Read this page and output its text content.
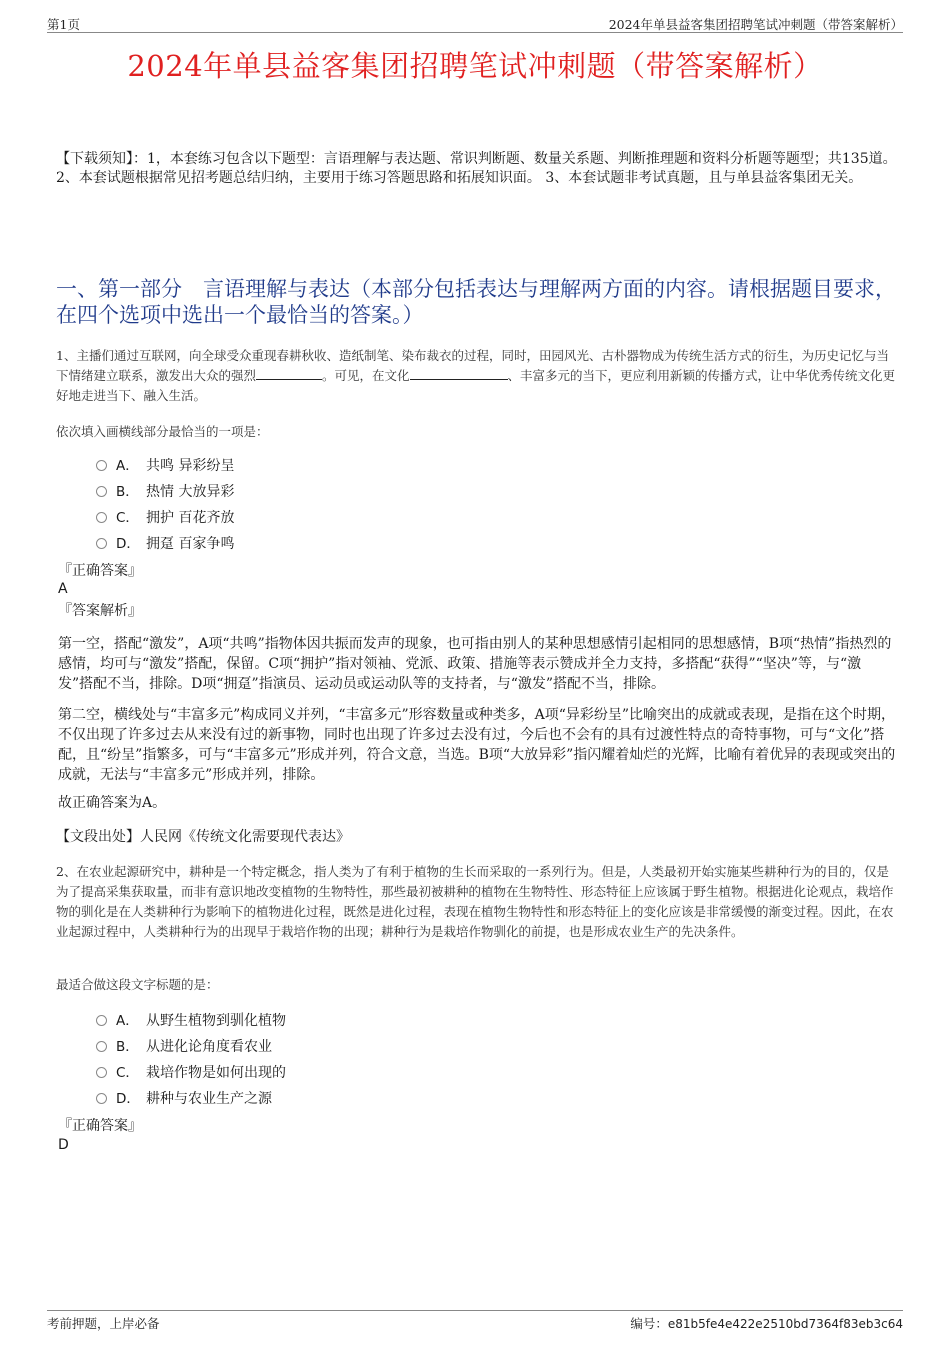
第1页	2024年单县益客集团招聘笔试冲刺题（带答案解析）
2024年单县益客集团招聘笔试冲刺题（带答案解析）
【下载须知】：1，本套练习包含以下题型：言语理解与表达题、常识判断题、数量关系题、判断推理题和资料分析题等题型；共135道。 2、本套试题根据常见招考题总结归纳，主要用于练习答题思路和拓展知识面。 3、本套试题非考试真题，且与单县益客集团无关。
一、第一部分　言语理解与表达（本部分包括表达与理解两方面的内容。请根据题目要求，在四个选项中选出一个最恰当的答案。）
1、主播们通过互联网，向全球受众重现春耕秋收、造纸制笔、染布裁衣的过程，同时，田园风光、古朴器物成为传统生活方式的衍生，为历史记忆与当下情绪建立联系，激发出大众的强烈	。可见，在文化	、丰富多元的当下，更应利用新颖的传播方式，让中华优秀传统文化更好地走进当下、融入生活。
依次填入画横线部分最恰当的一项是：
A． 共鸣 异彩纷呈
B． 热情 大放异彩
C． 拥护 百花齐放
D． 拥趸 百家争鸣
『正确答案』
A
『答案解析』
第一空，搭配“激发”，A项“共鸣”指物体因共振而发声的现象，也可指由别人的某种思想感情引起相同的思想感情，B项“热情”指热烈的感情，均可与“激发”搭配，保留。C项“拥护”指对领袖、党派、政策、措施等表示赞成并全力支持，多搭配“获得”“坚决”等，与“激发”搭配不当，排除。D项“拥趸”指演员、运动员或运动队等的支持者，与“激发”搭配不当，排除。
第二空，横线处与“丰富多元”构成同义并列，“丰富多元”形容数量或种类多，A项“异彩纷呈”比喻突出的成就或表现，是指在这个时期，不仅出现了许多过去从来没有过的新事物，同时也出现了许多过去没有过，今后也不会有的具有过渡性特点的奇特事物，可与“文化”搭配，且“纷呈”指繁多，可与“丰富多元”形成并列，符合文意，当选。B项“大放异彩”指闪耀着灿烂的光辉，比喻有着优异的表现或突出的成就，无法与“丰富多元”形成并列，排除。
故正确答案为A。
【文段出处】人民网《传统文化需要现代表达》
2、在农业起源研究中，耕种是一个特定概念，指人类为了有利于植物的生长而采取的一系列行为。但是，人类最初开始实施某些耕种行为的目的，仅是为了提高采集获取量，而非有意识地改变植物的生物特性，那些最初被耕种的植物在生物特性、形态特征上应该属于野生植物。根据进化论观点，栽培作物的驯化是在人类耕种行为影响下的植物进化过程，既然是进化过程，表现在植物生物特性和形态特征上的变化应该是非常缓慢的渐变过程。因此，在农业起源过程中，人类耕种行为的出现早于栽培作物的出现；耕种行为是栽培作物驯化的前提，也是形成农业生产的先决条件。
最适合做这段文字标题的是：
A． 从野生植物到驯化植物
B． 从进化论角度看农业
C． 栽培作物是如何出现的
D． 耕种与农业生产之源
『正确答案』
D
考前押题，上岸必备	编号：e81b5fe4e422e2510bd7364f83eb3c64
